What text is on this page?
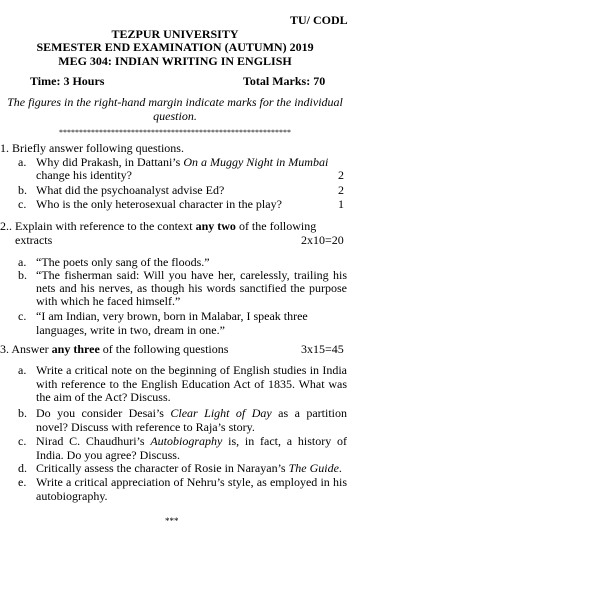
TU/ CODL
TEZPUR UNIVERSITY
SEMESTER END EXAMINATION (AUTUMN) 2019
MEG 304: INDIAN WRITING IN ENGLISH
Time: 3 Hours	Total Marks: 70
The figures in the right-hand margin indicate marks for the individual
question.
**********************************************************
1. Briefly answer following questions.
a. Why did Prakash, in Dattani’s On a Muggy Night in Mumbai
change his identity?	2
b. What did the psychoanalyst advise Ed?	2
c. Who is the only heterosexual character in the play?	1
2.. Explain with reference to the context any two of the following
extracts	2x10=20
a. “The poets only sang of the floods.”
b. “The fisherman said: Will you have her, carelessly, trailing his
nets and his nerves, as though his words sanctified the purpose
with which he faced himself.”
c. “I am Indian, very brown, born in Malabar, I speak three
languages, write in two, dream in one.”
3. Answer any three of the following questions	3x15=45
a. Write a critical note on the beginning of English studies in India
with reference to the English Education Act of 1835. What was
the aim of the Act? Discuss.
b. Do you consider Desai’s Clear Light of Day as a partition
novel? Discuss with reference to Raja’s story.
c. Nirad C. Chaudhuri’s Autobiography is, in fact, a history of
India. Do you agree? Discuss.
d. Critically assess the character of Rosie in Narayan’s The Guide.
e. Write a critical appreciation of Nehru’s style, as employed in his
autobiography.
***
